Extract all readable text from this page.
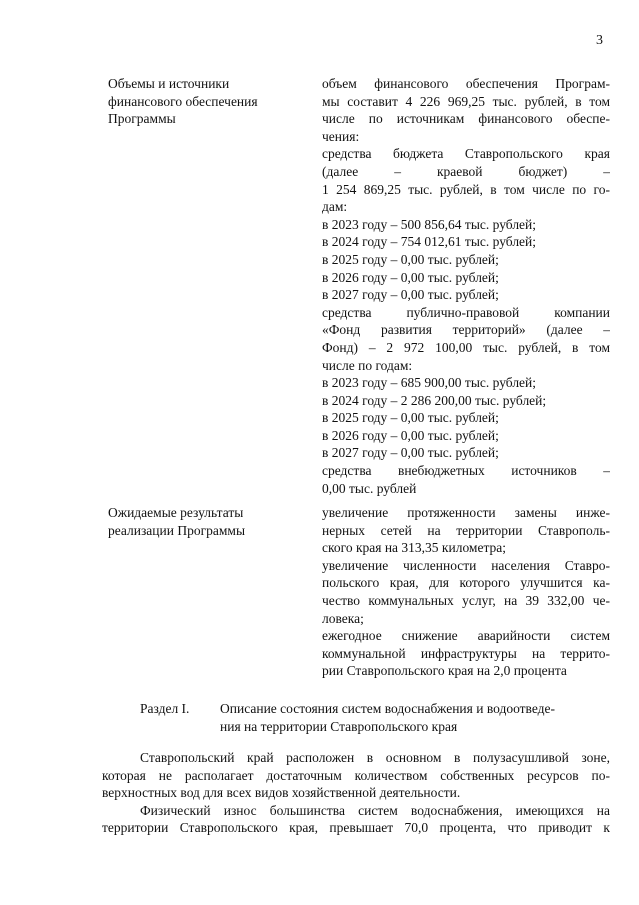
3
Объемы и источники
финансового обеспечения
Программы
объем финансового обеспечения Програм-
мы составит 4 226 969,25 тыс. рублей, в том
числе по источникам финансового обеспе-
чения:
средства бюджета Ставропольского края
(далее – краевой бюджет) –
1 254 869,25 тыс. рублей, в том числе по го-
дам:
в 2023 году – 500 856,64 тыс. рублей;
в 2024 году – 754 012,61 тыс. рублей;
в 2025 году – 0,00 тыс. рублей;
в 2026 году – 0,00 тыс. рублей;
в 2027 году – 0,00 тыс. рублей;
средства публично-правовой компании
«Фонд развития территорий» (далее –
Фонд) – 2 972 100,00 тыс. рублей, в том
числе по годам:
в 2023 году – 685 900,00 тыс. рублей;
в 2024 году – 2 286 200,00 тыс. рублей;
в 2025 году – 0,00 тыс. рублей;
в 2026 году – 0,00 тыс. рублей;
в 2027 году – 0,00 тыс. рублей;
средства внебюджетных источников –
0,00 тыс. рублей
Ожидаемые результаты
реализации Программы
увеличение протяженности замены инже-
нерных сетей на территории Ставрополь-
ского края на 313,35 километра;
увеличение численности населения Ставро-
польского края, для которого улучшится ка-
чество коммунальных услуг, на 39 332,00 че-
ловека;
ежегодное снижение аварийности систем
коммунальной инфраструктуры на террито-
рии Ставропольского края на 2,0 процента
Раздел I. Описание состояния систем водоснабжения и водоотведе-
ния на территории Ставропольского края
Ставропольский край расположен в основном в полузасушливой зоне,
которая не располагает достаточным количеством собственных ресурсов по-
верхностных вод для всех видов хозяйственной деятельности.
Физический износ большинства систем водоснабжения, имеющихся на
территории Ставропольского края, превышает 70,0 процента, что приводит к
